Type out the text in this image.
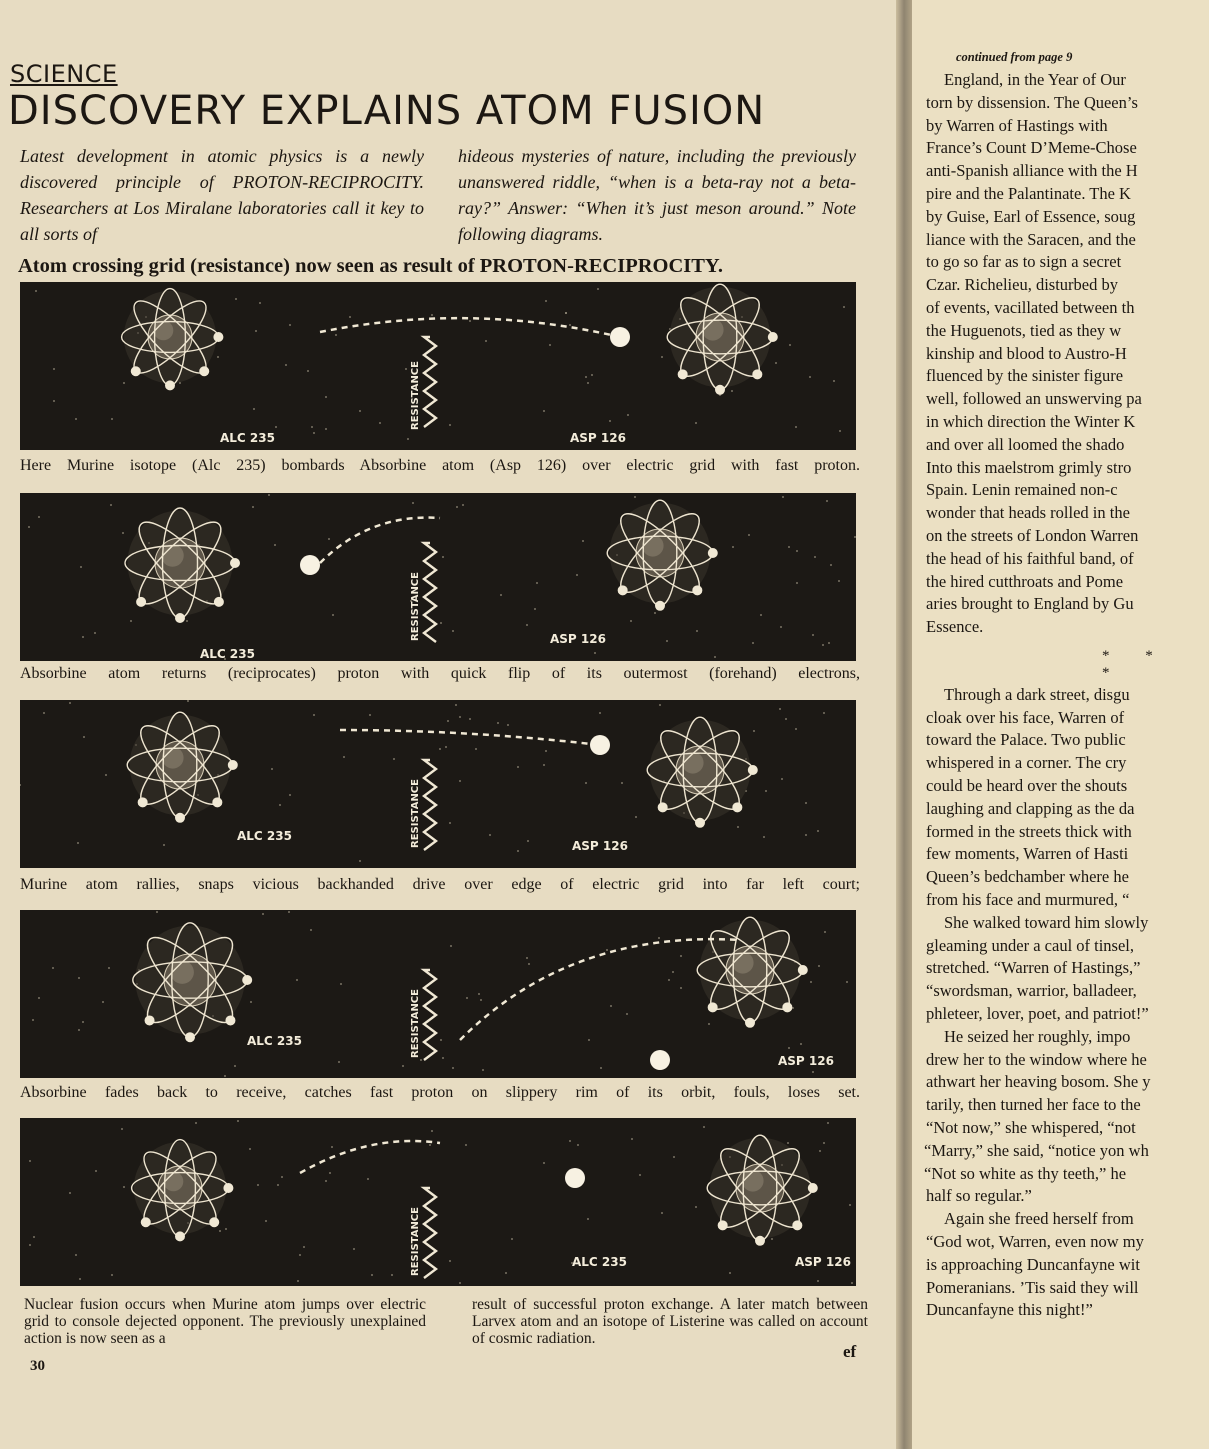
SCIENCE
DISCOVERY EXPLAINS ATOM FUSION
Latest development in atomic physics is a newly discovered principle of PROTON-RECIPROCITY. Researchers at Los Miralane laboratories call it key to all sorts of
hideous mysteries of nature, including the previously unanswered riddle, “when is a beta-ray not a beta-ray?” Answer: “When it’s just meson around.” Note following diagrams.
Atom crossing grid (resistance) now seen as result of PROTON-RECIPROCITY.
RESISTANCE
ALC 235	ASP 126
Here Murine isotope (Alc 235) bombards Absorbine atom (Asp 126) over electric grid with fast proton.
RESISTANCE
ALC 235
ASP 126
Absorbine atom returns (reciprocates) proton with quick flip of its outermost (forehand) electrons,
RESISTANCE
ALC 235
ASP 126
Murine atom rallies, snaps vicious backhanded drive over edge of electric grid into far left court;
RESISTANCE
ALC 235
ASP 126
Absorbine fades back to receive, catches fast proton on slippery rim of its orbit, fouls, loses set.
RESISTANCE	ALC 235	ASP 126
Nuclear fusion occurs when Murine atom jumps over electric grid to console dejected opponent. The previously unexplained action is now seen as a
result of successful proton exchange. A later match between Larvex atom and an isotope of Listerine was called on account of cosmic radiation.
30
ef
continued from page 9
England, in the Year of Our
torn by dissension. The Queen’s
by Warren of Hastings with
France’s Count D’Meme-Chose
anti-Spanish alliance with the H
pire and the Palantinate. The K
by Guise, Earl of Essence, soug
liance with the Saracen, and the
to go so far as to sign a secret
Czar. Richelieu, disturbed by
of events, vacillated between th
the Huguenots, tied as they w
kinship and blood to Austro-H
fluenced by the sinister figure
well, followed an unswerving pa
in which direction the Winter K
and over all loomed the shado
Into this maelstrom grimly stro
Spain. Lenin remained non-c
wonder that heads rolled in the
on the streets of London Warren
the head of his faithful band, of
the hired cutthroats and Pome
aries brought to England by Gu
Essence.
* * *
Through a dark street, disgu
cloak over his face, Warren of
toward the Palace. Two public
whispered in a corner. The cry
could be heard over the shouts
laughing and clapping as the da
formed in the streets thick with
few moments, Warren of Hasti
Queen’s bedchamber where he
from his face and murmured, “
She walked toward him slowly
gleaming under a caul of tinsel,
stretched. “Warren of Hastings,”
“swordsman, warrior, balladeer,
phleteer, lover, poet, and patriot!”
He seized her roughly, impo
drew her to the window where he
athwart her heaving bosom. She y
tarily, then turned her face to the
“Not now,” she whispered, “not
“Marry,” she said, “notice yon wh
“Not so white as thy teeth,” he
half so regular.”
Again she freed herself from
“God wot, Warren, even now my
is approaching Duncanfayne wit
Pomeranians. ’Tis said they will
Duncanfayne this night!”
